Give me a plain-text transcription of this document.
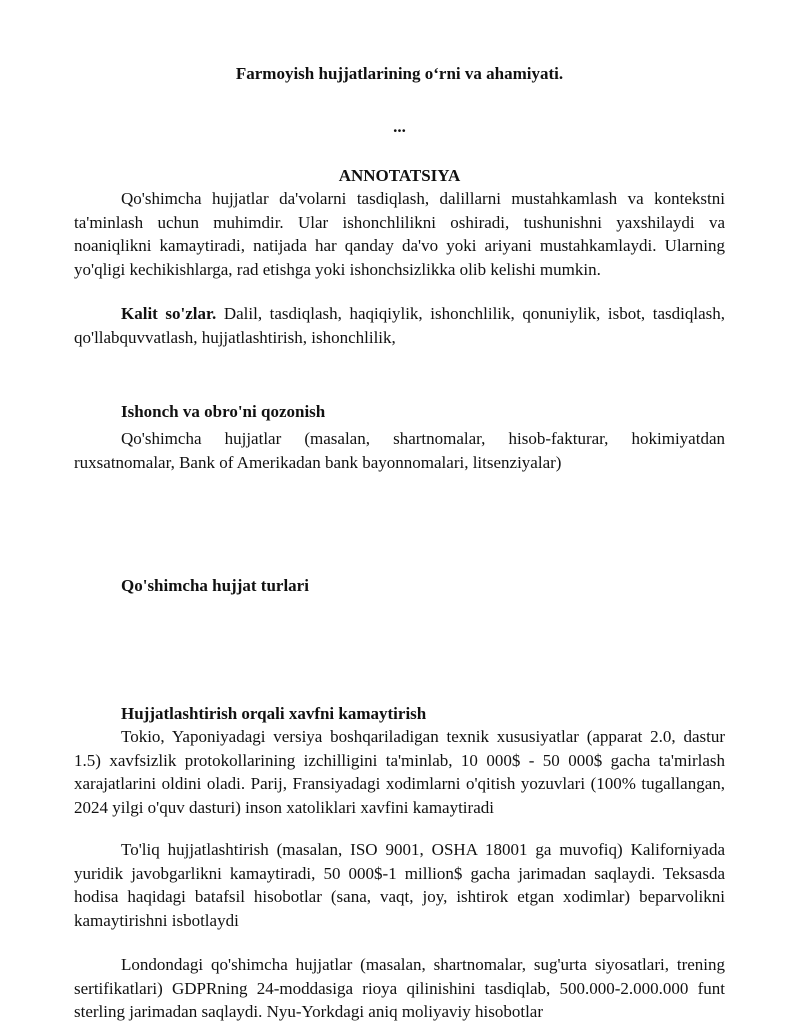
Farmoyish hujjatlarining oʻrni va ahamiyati.
...
ANNOTATSIYA

Qo'shimcha hujjatlar da'volarni tasdiqlash, dalillarni mustahkamlash va kontekstni ta'minlash uchun muhimdir. Ular ishonchlilikni oshiradi, tushunishni yaxshilaydi va noaniqlikni kamaytiradi, natijada har qanday da'vo yoki ariyani mustahkamlaydi. Ularning yo'qligi kechikishlarga, rad etishga yoki ishonchsizlikka olib kelishi mumkin.

Kalit so'zlar. Dalil, tasdiqlash, haqiqiylik, ishonchlilik, qonuniylik, isbot, tasdiqlash, qo'llabquvvatlash, hujjatlashtirish, ishonchlilik,

Ishonch va obro'ni qozonish

Qo'shimcha hujjatlar (masalan, shartnomalar, hisob-fakturar, hokimiyatdan ruxsatnomalar, Bank of Amerikadan bank bayonnomalari, litsenziyalar)

Qo'shimcha hujjat turlari

Hujjatlashtirish orqali xavfni kamaytirish

Tokio, Yaponiyadagi versiya boshqariladigan texnik xususiyatlar (apparat 2.0, dastur 1.5) xavfsizlik protokollarining izchilligini ta'minlab, 10 000$ - 50 000$ gacha ta'mirlash xarajatlarini oldini oladi. Parij, Fransiyadagi xodimlarni o'qitish yozuvlari (100% tugallangan, 2024 yilgi o'quv dasturi) inson xatoliklari xavfini kamaytiradi

To'liq hujjatlashtirish (masalan, ISO 9001, OSHA 18001 ga muvofiq) Kaliforniyada yuridik javobgarlikni kamaytiradi, 50 000$-1 million$ gacha jarimadan saqlaydi. Teksasda hodisa haqidagi batafsil hisobotlar (sana, vaqt, joy, ishtirok etgan xodimlar) beparvolikni kamaytirishni isbotlaydi

Londondagi qo'shimcha hujjatlar (masalan, shartnomalar, sug'urta siyosatlari, trening sertifikatlari) GDPRning 24-moddasiga rioya qilinishini tasdiqlab, 500.000-2.000.000 funt sterling jarimadan saqlaydi. Nyu-Yorkdagi aniq moliyaviy hisobotlar
